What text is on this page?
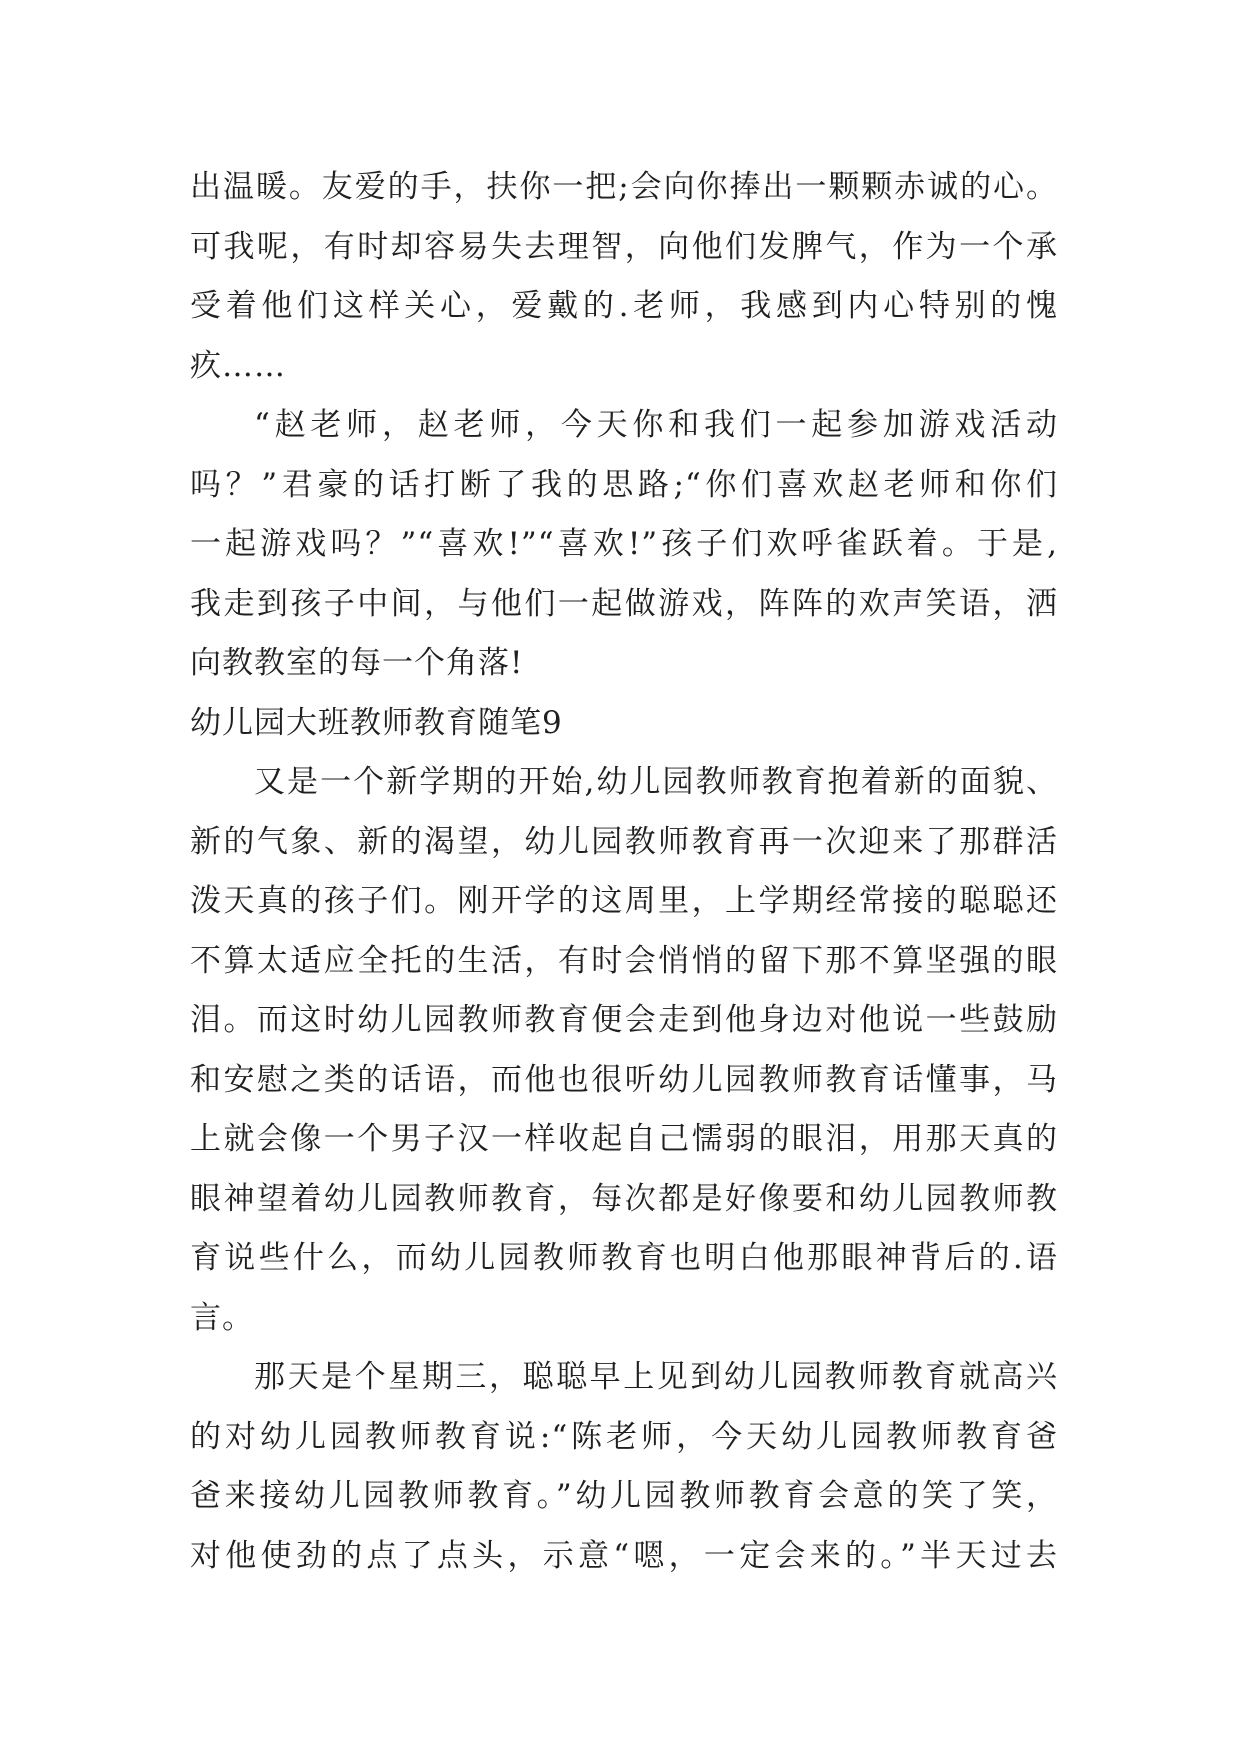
出温暖。友爱的手，扶你一把;会向你捧出一颗颗赤诚的心。
可我呢，有时却容易失去理智，向他们发脾气，作为一个承
受着他们这样关心，爱戴的.老师，我感到内心特别的愧
疚……
“赵老师，赵老师，今天你和我们一起参加游戏活动
吗？”君豪的话打断了我的思路;“你们喜欢赵老师和你们
一起游戏吗？”“喜欢!”“喜欢!”孩子们欢呼雀跃着。于是,
我走到孩子中间，与他们一起做游戏，阵阵的欢声笑语，洒
向教教室的每一个角落!
幼儿园大班教师教育随笔9
又是一个新学期的开始,幼儿园教师教育抱着新的面貌、
新的气象、新的渴望，幼儿园教师教育再一次迎来了那群活
泼天真的孩子们。刚开学的这周里，上学期经常接的聪聪还
不算太适应全托的生活，有时会悄悄的留下那不算坚强的眼
泪。而这时幼儿园教师教育便会走到他身边对他说一些鼓励
和安慰之类的话语，而他也很听幼儿园教师教育话懂事，马
上就会像一个男子汉一样收起自己懦弱的眼泪，用那天真的
眼神望着幼儿园教师教育，每次都是好像要和幼儿园教师教
育说些什么，而幼儿园教师教育也明白他那眼神背后的.语
言。
那天是个星期三，聪聪早上见到幼儿园教师教育就高兴
的对幼儿园教师教育说:“陈老师，今天幼儿园教师教育爸
爸来接幼儿园教师教育。”幼儿园教师教育会意的笑了笑，
对他使劲的点了点头，示意“嗯，一定会来的。”半天过去
